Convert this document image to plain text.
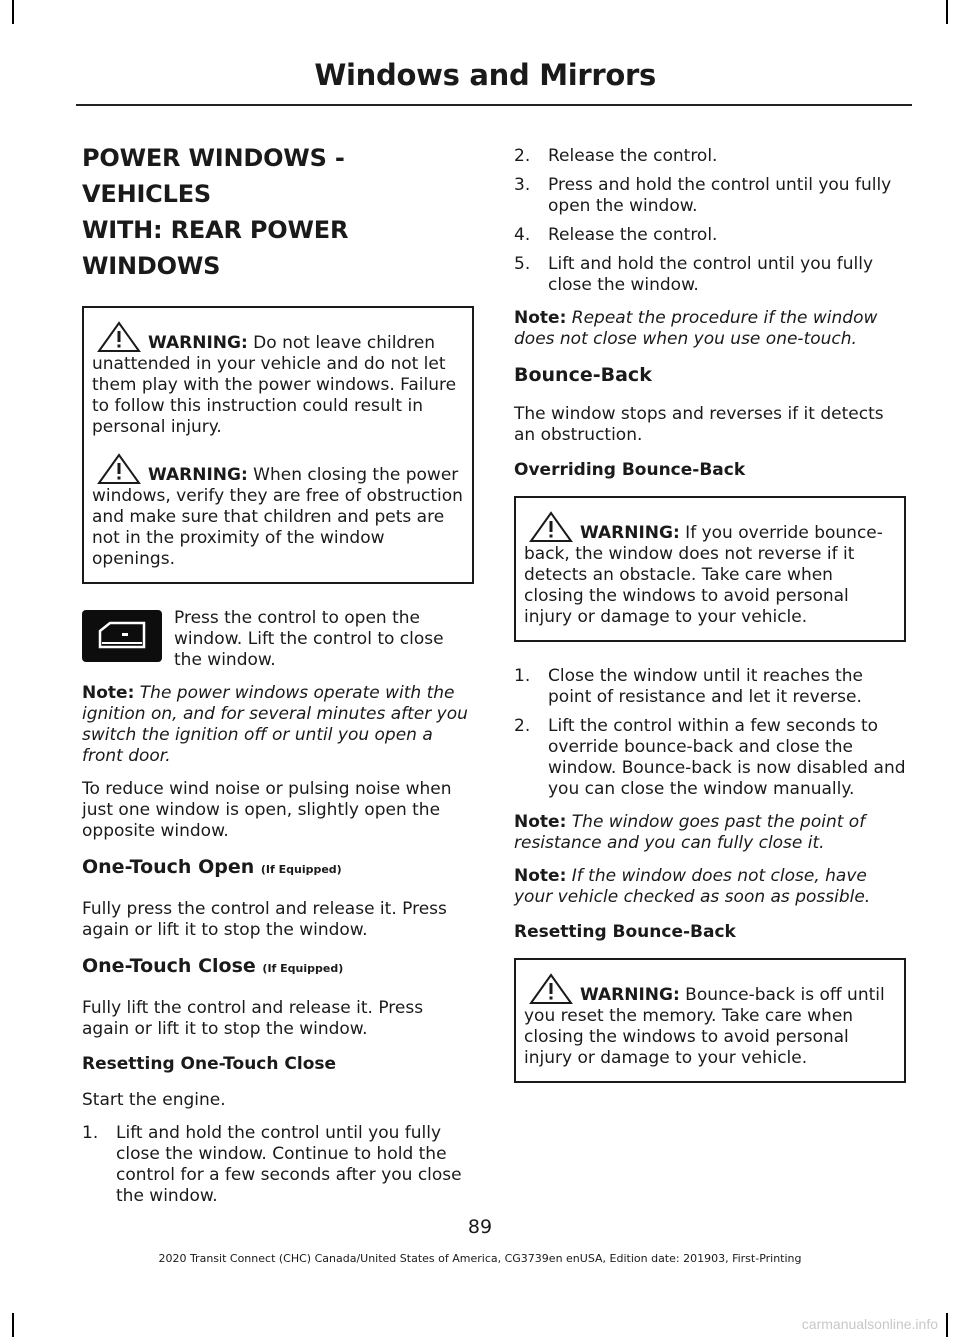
Windows and Mirrors
POWER WINDOWS - VEHICLES
WITH: REAR POWER
WINDOWS
WARNING: Do not leave children unattended in your vehicle and do not let them play with the power windows. Failure to follow this instruction could result in personal injury.
WARNING: When closing the power windows, verify they are free of obstruction and make sure that children and pets are not in the proximity of the window openings.

Press the control to open the window. Lift the control to close the window.

Note: The power windows operate with the ignition on, and for several minutes after you switch the ignition off or until you open a front door.

To reduce wind noise or pulsing noise when just one window is open, slightly open the opposite window.

One-Touch Open (If Equipped)

Fully press the control and release it. Press again or lift it to stop the window.

One-Touch Close (If Equipped)

Fully lift the control and release it. Press again or lift it to stop the window.

Resetting One-Touch Close

Start the engine.

1. Lift and hold the control until you fully close the window. Continue to hold the control for a few seconds after you close the window.
2. Release the control.
3. Press and hold the control until you fully open the window.
4. Release the control.
5. Lift and hold the control until you fully close the window.

Note: Repeat the procedure if the window does not close when you use one-touch.

Bounce-Back

The window stops and reverses if it detects an obstruction.

Overriding Bounce-Back
WARNING: If you override bounce-back, the window does not reverse if it detects an obstacle. Take care when closing the windows to avoid personal injury or damage to your vehicle.
1. Close the window until it reaches the point of resistance and let it reverse.
2. Lift the control within a few seconds to override bounce-back and close the window. Bounce-back is now disabled and you can close the window manually.

Note: The window goes past the point of resistance and you can fully close it.

Note: If the window does not close, have your vehicle checked as soon as possible.

Resetting Bounce-Back
WARNING: Bounce-back is off until you reset the memory. Take care when closing the windows to avoid personal injury or damage to your vehicle.
89
2020 Transit Connect (CHC) Canada/United States of America, CG3739en enUSA, Edition date: 201903, First-Printing
carmanualsonline.info
